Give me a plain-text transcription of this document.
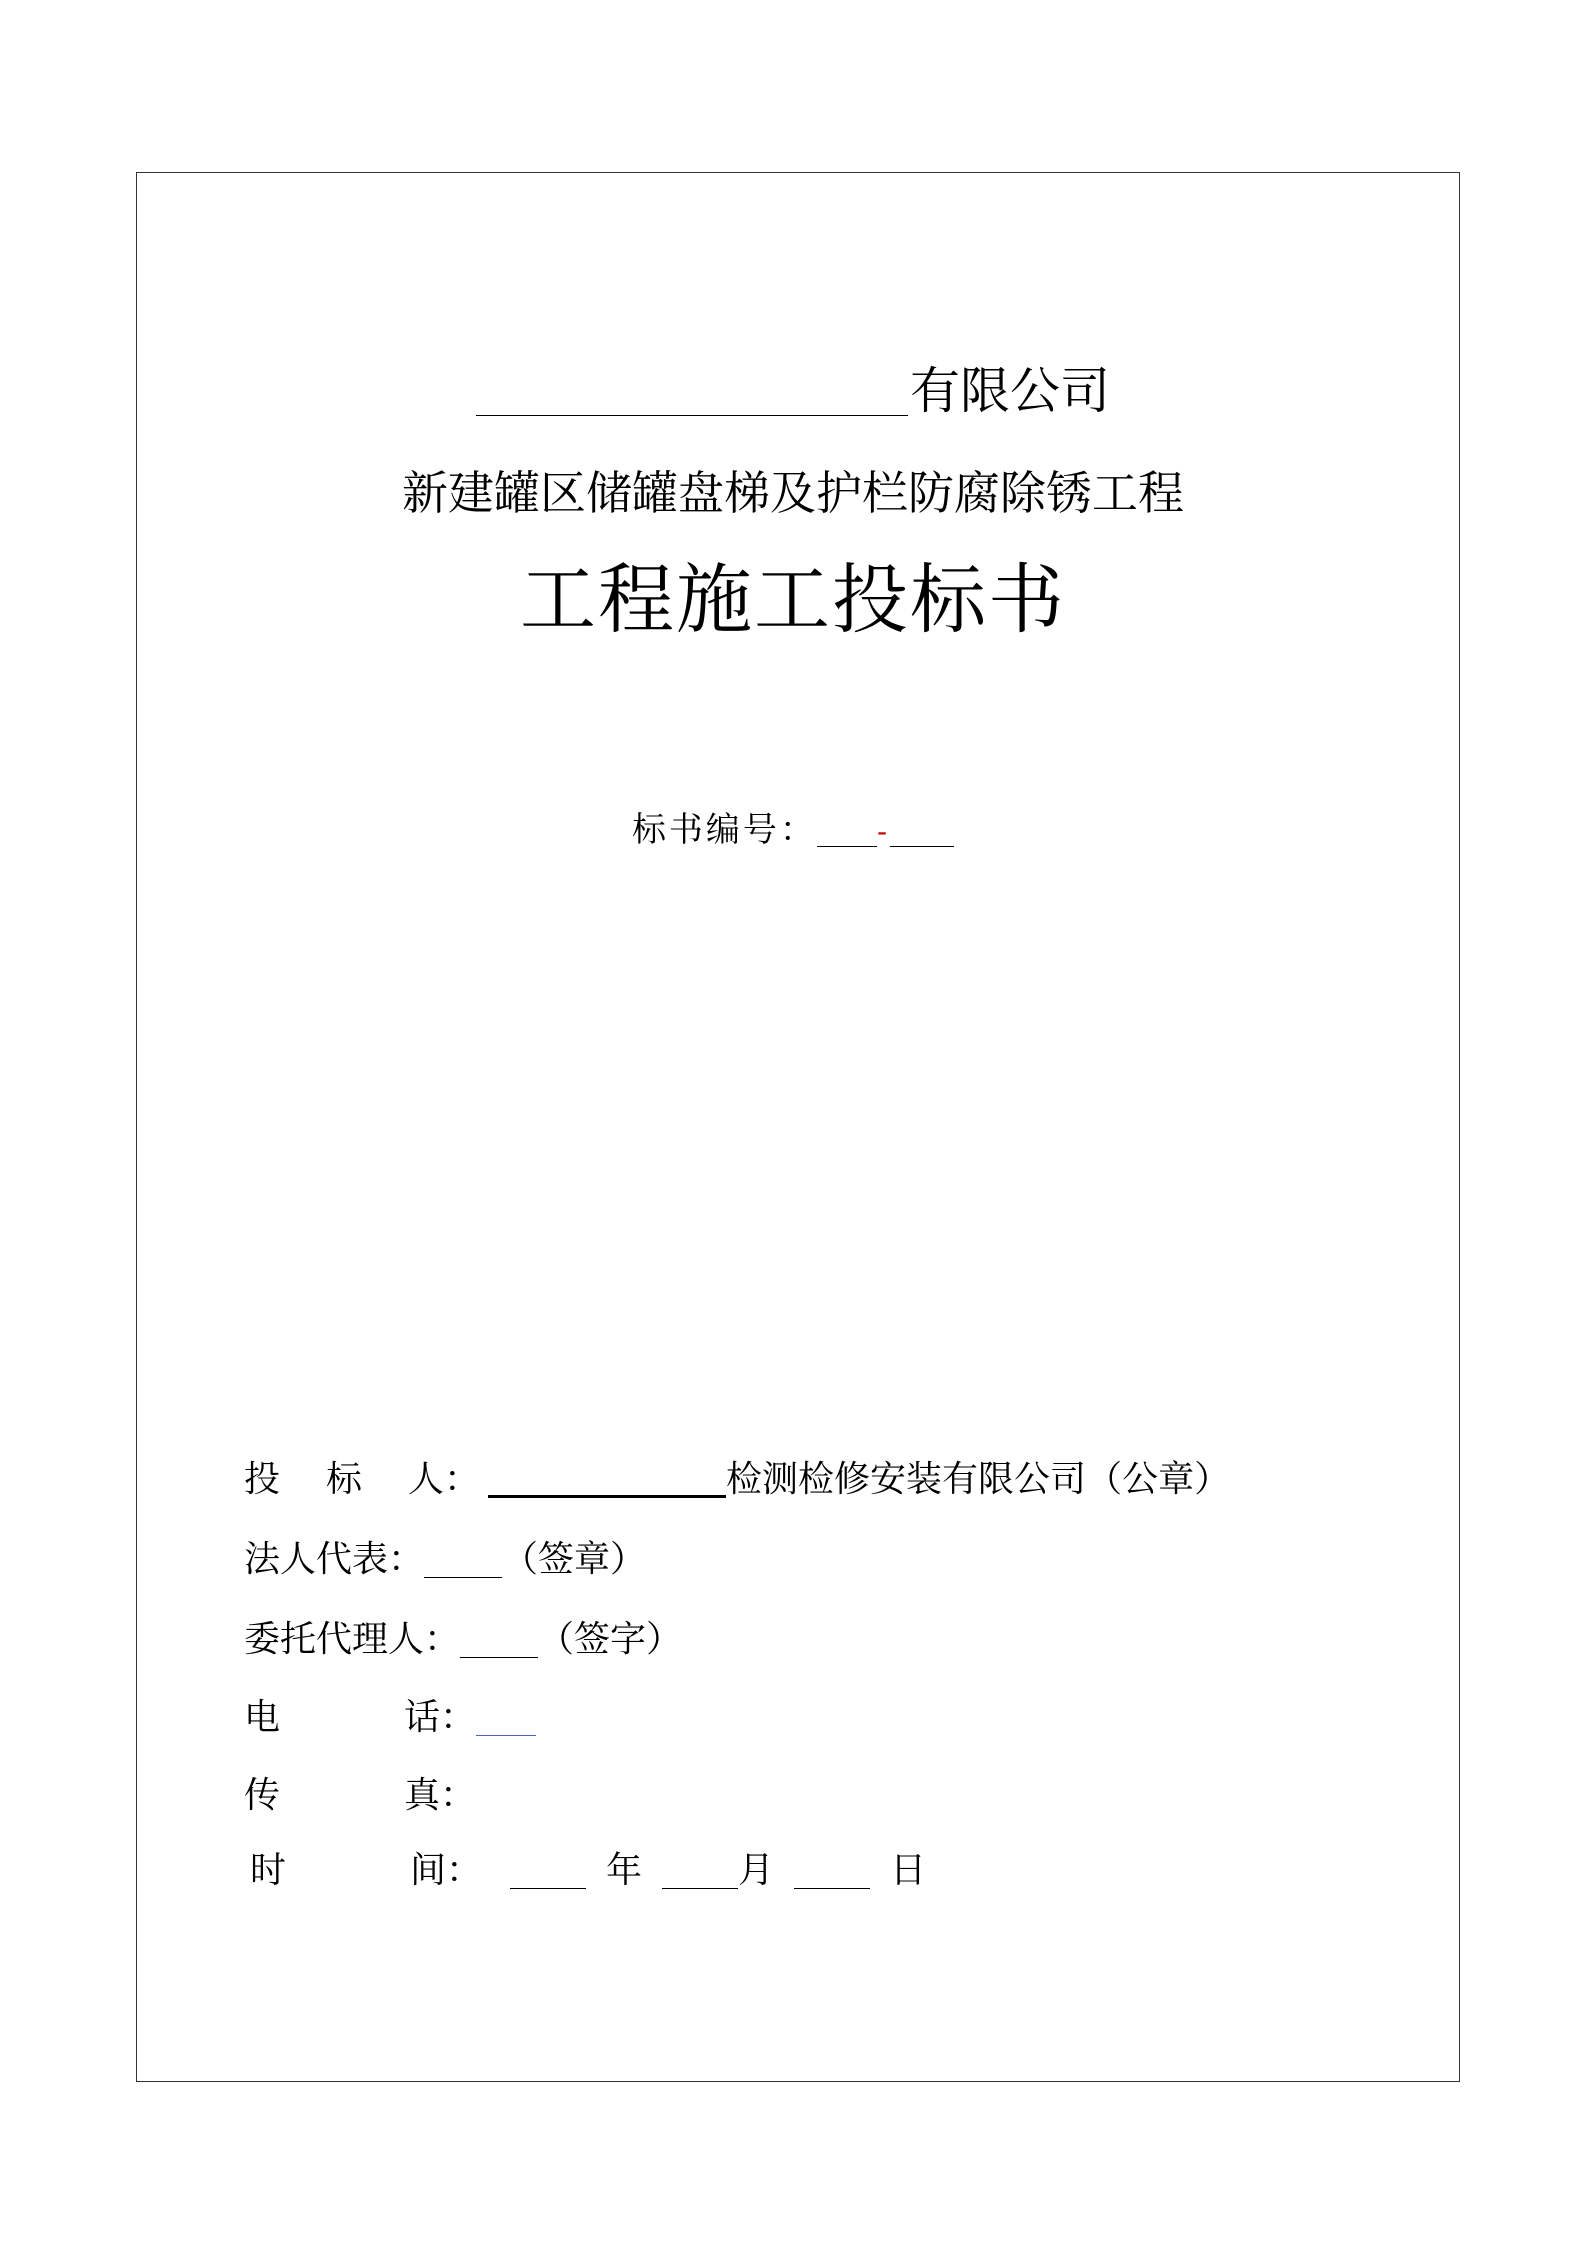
有限公司
新建罐区储罐盘梯及护栏防腐除锈工程
工程施工投标书
标书编号： -
投 标 人：	检测检修安装有限公司（公章）
法人代表： （签章）
委托代理人： （签字）
电	话：
传	真：
时	间：	年	月	日
